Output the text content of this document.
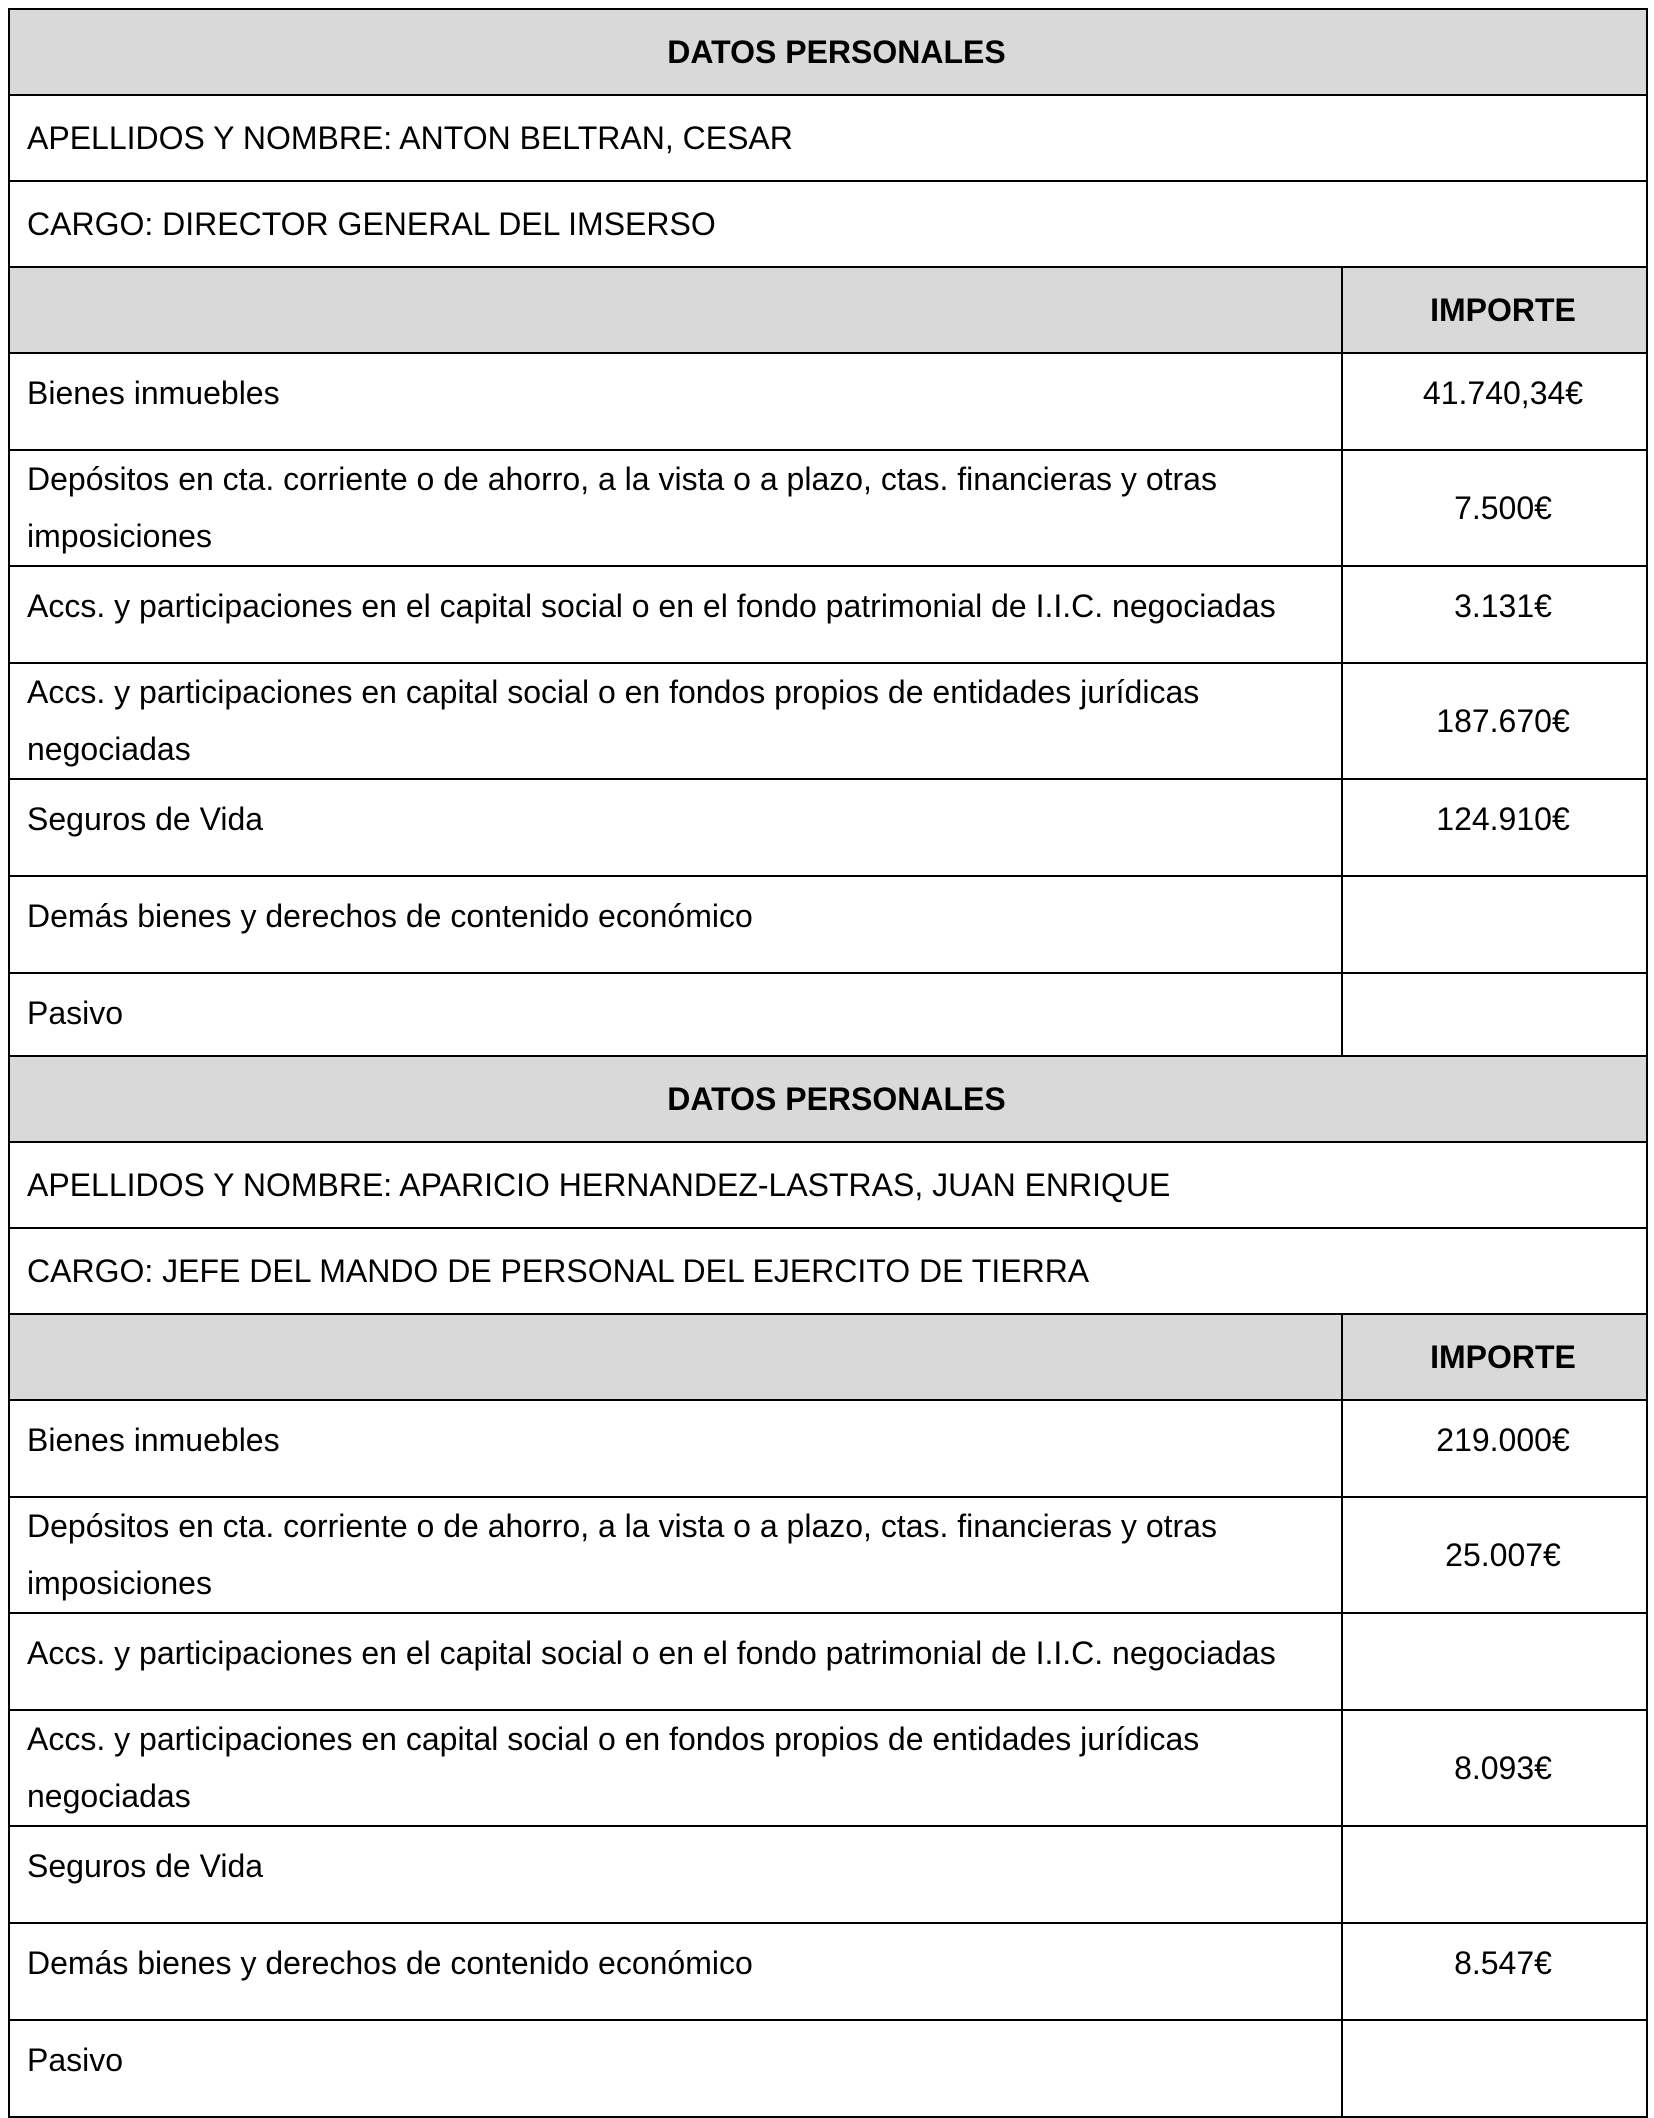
DATOS PERSONALES	
APELLIDOS Y NOMBRE: ANTON BELTRAN, CESAR	
CARGO: DIRECTOR GENERAL DEL IMSERSO	
	IMPORTE
Bienes inmuebles	41.740,34€
Depósitos en cta. corriente o de ahorro, a la vista o a plazo, ctas. financieras y otras imposiciones	7.500€
Accs. y participaciones en el capital social o en el fondo patrimonial de I.I.C. negociadas	3.131€
Accs. y participaciones en capital social o en fondos propios de entidades jurídicas negociadas	187.670€
Seguros de Vida	124.910€
Demás bienes y derechos de contenido económico	
Pasivo	
DATOS PERSONALES	
APELLIDOS Y NOMBRE: APARICIO HERNANDEZ-LASTRAS, JUAN ENRIQUE	
CARGO: JEFE DEL MANDO DE PERSONAL DEL EJERCITO DE TIERRA	
	IMPORTE
Bienes inmuebles	219.000€
Depósitos en cta. corriente o de ahorro, a la vista o a plazo, ctas. financieras y otras imposiciones	25.007€
Accs. y participaciones en el capital social o en el fondo patrimonial de I.I.C. negociadas	
Accs. y participaciones en capital social o en fondos propios de entidades jurídicas negociadas	8.093€
Seguros de Vida	
Demás bienes y derechos de contenido económico	8.547€
Pasivo	
